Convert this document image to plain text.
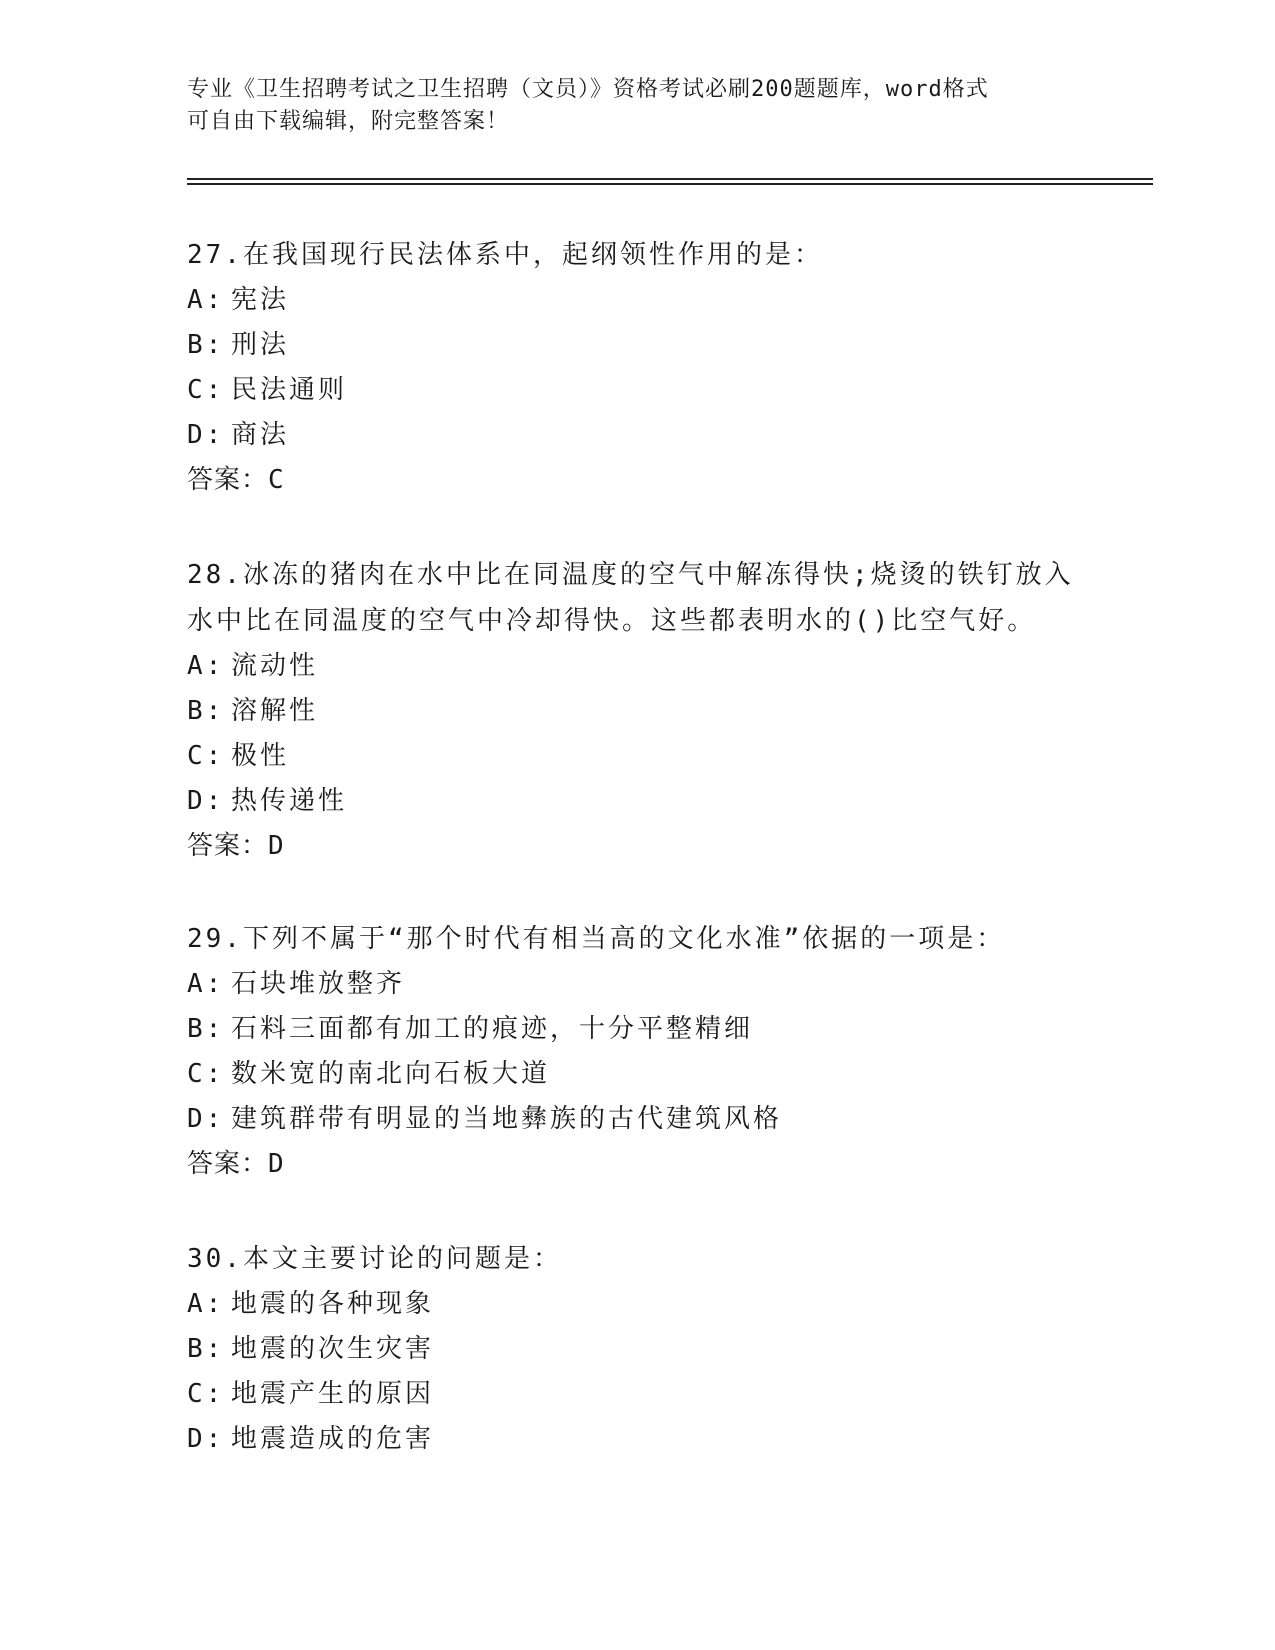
专业《卫生招聘考试之卫生招聘（文员）》资格考试必刷200题题库，word格式

可自由下载编辑，附完整答案！

27.在我国现行民法体系中，起纲领性作用的是：

A: 宪法

B: 刑法

C: 民法通则

D: 商法

答案：C

28.冰冻的猪肉在水中比在同温度的空气中解冻得快;烧烫的铁钉放入水中比在同温度的空气中冷却得快。这些都表明水的()比空气好。

A: 流动性

B: 溶解性

C: 极性

D: 热传递性

答案：D

29.下列不属于“那个时代有相当高的文化水准”依据的一项是：

A: 石块堆放整齐

B: 石料三面都有加工的痕迹，十分平整精细

C: 数米宽的南北向石板大道

D: 建筑群带有明显的当地彝族的古代建筑风格

答案：D

30.本文主要讨论的问题是：

A: 地震的各种现象

B: 地震的次生灾害

C: 地震产生的原因

D: 地震造成的危害
